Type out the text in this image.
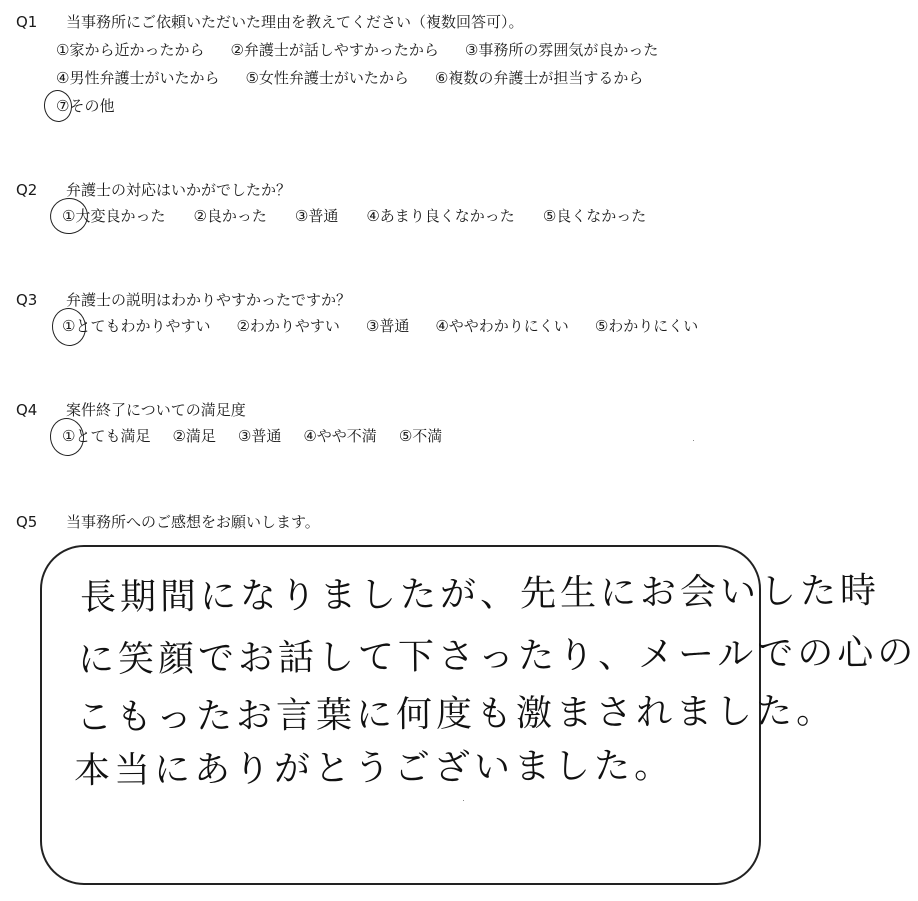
Q1	当事務所にご依頼いただいた理由を教えてください（複数回答可）。
①家から近かったから ②弁護士が話しやすかったから ③事務所の雰囲気が良かった
④男性弁護士がいたから ⑤女性弁護士がいたから ⑥複数の弁護士が担当するから
⑦その他
Q2	弁護士の対応はいかがでしたか？
①大変良かった ②良かった ③普通 ④あまり良くなかった ⑤良くなかった
Q3	弁護士の説明はわかりやすかったですか？
①とてもわかりやすい ②わかりやすい ③普通 ④ややわかりにくい ⑤わかりにくい
Q4	案件終了についての満足度
①とても満足 ②満足 ③普通 ④やや不満 ⑤不満
Q5	当事務所へのご感想をお願いします。
長期間になりましたが、先生にお会いした時
に笑顔でお話して下さったり、メールでの心の
こもったお言葉に何度も激まされました。
本当にありがとうございました。
